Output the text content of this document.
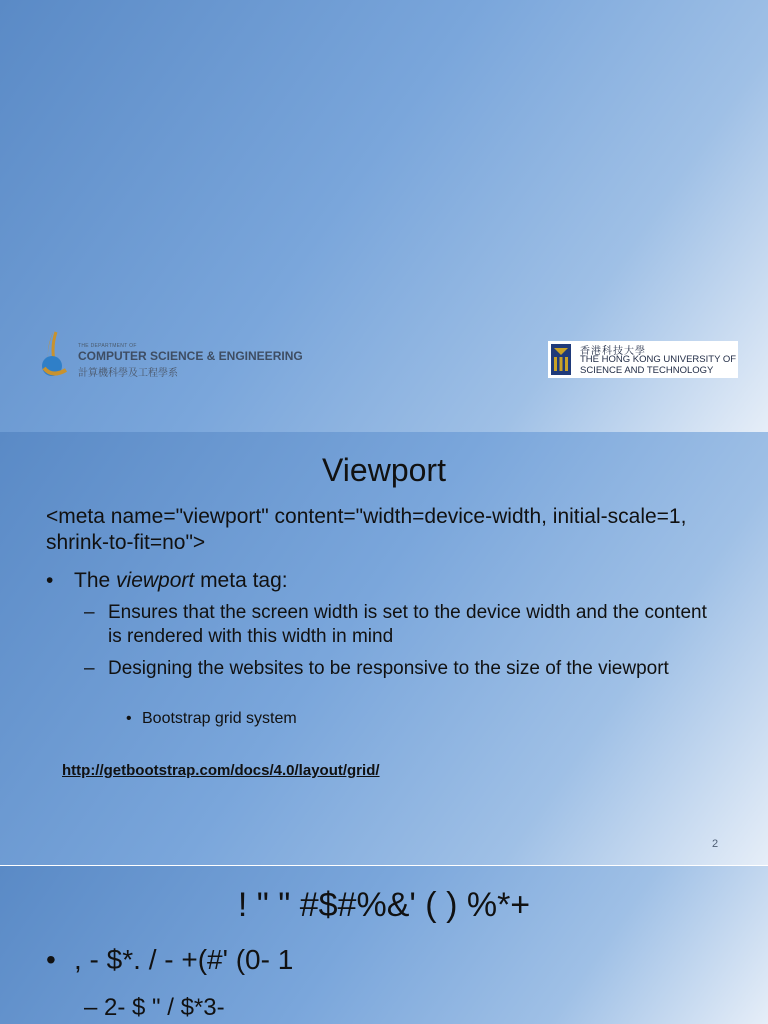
THE DEPARTMENT OF
COMPUTER SCIENCE & ENGINEERING
計算機科學及工程學系
香港科技大學
THE HONG KONG UNIVERSITY OF
SCIENCE AND TECHNOLOGY
Viewport

<meta name="viewport" content="width=device-width, initial-scale=1, shrink-to-fit=no">

• The viewport meta tag:

– Ensures that the screen width is set to the device width and the content is rendered with this width in mind

– Designing the websites to be responsive to the size of the viewport

• Bootstrap grid system

http://getbootstrap.com/docs/4.0/layout/grid/
2
! " " #$#%&' ( ) %*+

• , - $*. / - +(#' (0- 1

– 2- $ " / $*3-
